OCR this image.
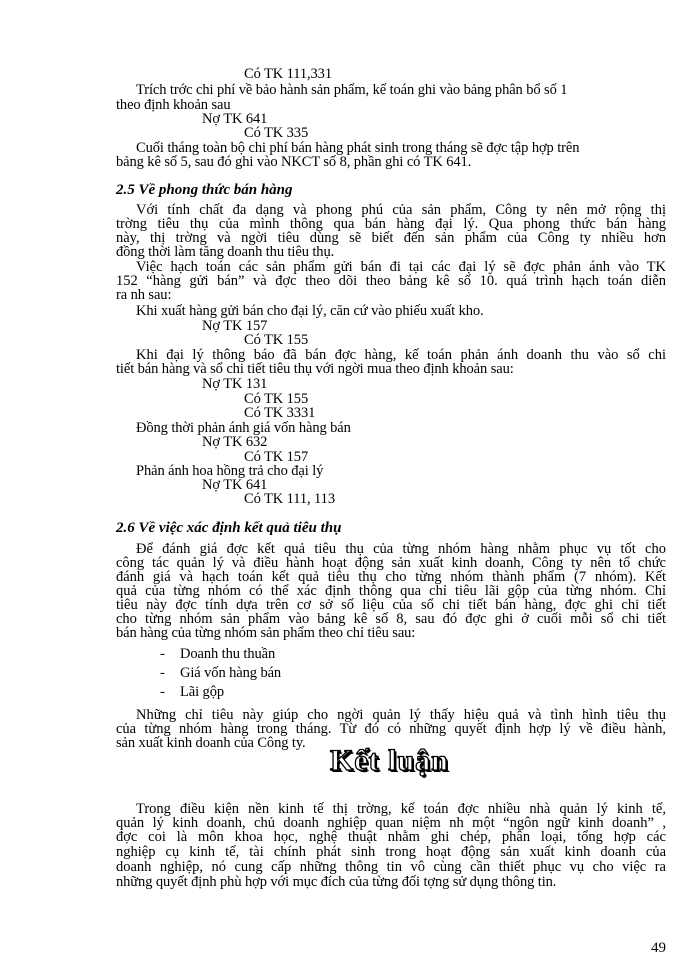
Có TK 111,331
Trích trớc chi phí về bảo hành sản phẩm, kế toán ghi vào bảng phân bổ số 1
theo định khoản sau
Nợ TK 641
Có TK 335
Cuối tháng toàn bộ chi phí bán hàng phát sinh trong tháng sẽ đợc tập hợp trên
bảng kê số 5, sau đó ghi vào NKCT số 8, phần ghi có TK 641.
2.5 Về phong thức bán hàng
Với tính chất đa dạng và phong phú của sản phẩm, Công ty nên mở rộng thị
trờng tiêu thụ của mình thông qua bán hàng đại lý. Qua phong thức bán hàng
này, thị trờng và ngời tiêu dùng sẽ biết đến sản phẩm của Công ty nhiều hơn
đồng thời làm tăng doanh thu tiêu thụ.
Việc hạch toán các sản phẩm gửi bán đi tại các đại lý sẽ đợc phản ánh vào TK
152 “hàng gửi bán” và đợc theo dõi theo bảng kê số 10. quá trình hạch toán diễn
ra nh sau:
Khi xuất hàng gửi bán cho đại lý, căn cứ vào phiếu xuất kho.
Nợ TK 157
Có TK 155
Khi đại lý thông báo đã bán đợc hàng, kế toán phản ánh doanh thu vào sổ chi
tiết bán hàng và sổ chi tiết tiêu thụ với ngời mua theo định khoản sau:
Nợ TK 131
Có TK 155
Có TK 3331
Đồng thời phản ánh giá vốn hàng bán
Nợ TK 632
Có TK 157
Phản ánh hoa hồng trả cho đại lý
Nợ TK 641
Có TK 111, 113
2.6 Về việc xác định kết quả tiêu thụ
Để đánh giá đợc kết quả tiêu thụ của từng nhóm hàng nhằm phục vụ tốt cho
công tác quản lý và điều hành hoạt động sản xuất kinh doanh, Công ty nên tổ chức
đánh giá và hạch toán kết quả tiêu thụ cho từng nhóm thành phẩm (7 nhóm). Kết
quả của từng nhóm có thể xác định thông qua chỉ tiêu lãi gộp của từng nhóm. Chỉ
tiêu này đợc tính dựa trên cơ sở số liệu của sổ chi tiết bán hàng, đợc ghi chi tiết
cho từng nhóm sản phẩm vào bảng kê số 8, sau đó đợc ghi ở cuối mỗi sổ chi tiết
bán hàng của từng nhóm sản phẩm theo chỉ tiêu sau:
- Doanh thu thuần
- Giá vốn hàng bán
- Lãi gộp
Những chỉ tiêu này giúp cho ngời quản lý thấy hiệu quả và tình hình tiêu thụ
của từng nhóm hàng trong tháng. Từ đó có những quyết định hợp lý về điều hành,
sản xuất kinh doanh của Công ty.
Kết luận
Trong điều kiện nền kinh tế thị trờng, kế toán đợc nhiều nhà quản lý kinh tế,
quản lý kinh doanh, chủ doanh nghiệp quan niệm nh một “ngôn ngữ kinh doanh” ,
đợc coi là môn khoa học, nghệ thuật nhằm ghi chép, phân loại, tổng hợp các
nghiệp cụ kinh tế, tài chính phát sinh trong hoạt động sản xuất kinh doanh của
doanh nghiệp, nó cung cấp những thông tin vô cùng cần thiết phục vụ cho việc ra
những quyết định phù hợp với mục đích của từng đối tợng sử dụng thông tin.
49
